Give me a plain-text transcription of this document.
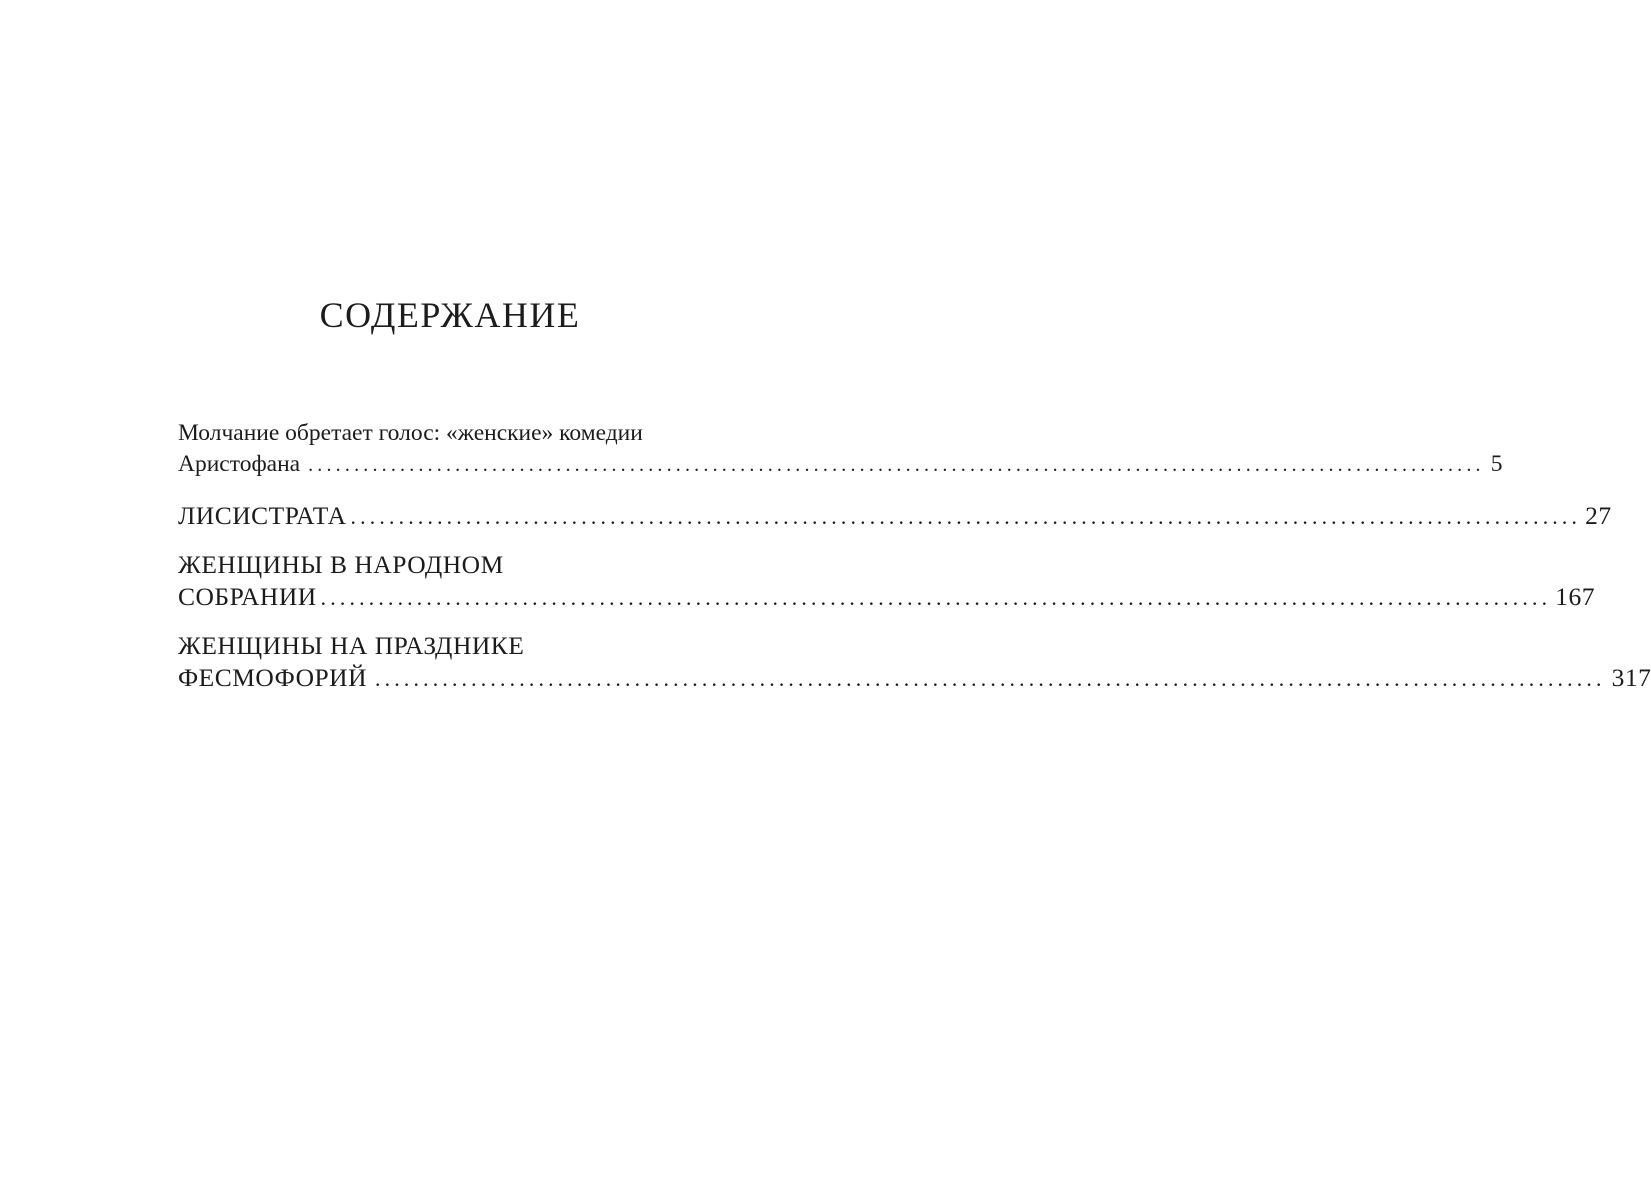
СОДЕРЖАНИЕ
Молчание обретает голос: «женские» комедии
Аристофана ................................................................................................................................ 5
ЛИСИСТРАТА ................................................................................................................................ 27
ЖЕНЩИНЫ В НАРОДНОМ
СОБРАНИИ ................................................................................................................................ 167
ЖЕНЩИНЫ НА ПРАЗДНИКЕ
ФЕСМОФОРИЙ ................................................................................................................................ 317
